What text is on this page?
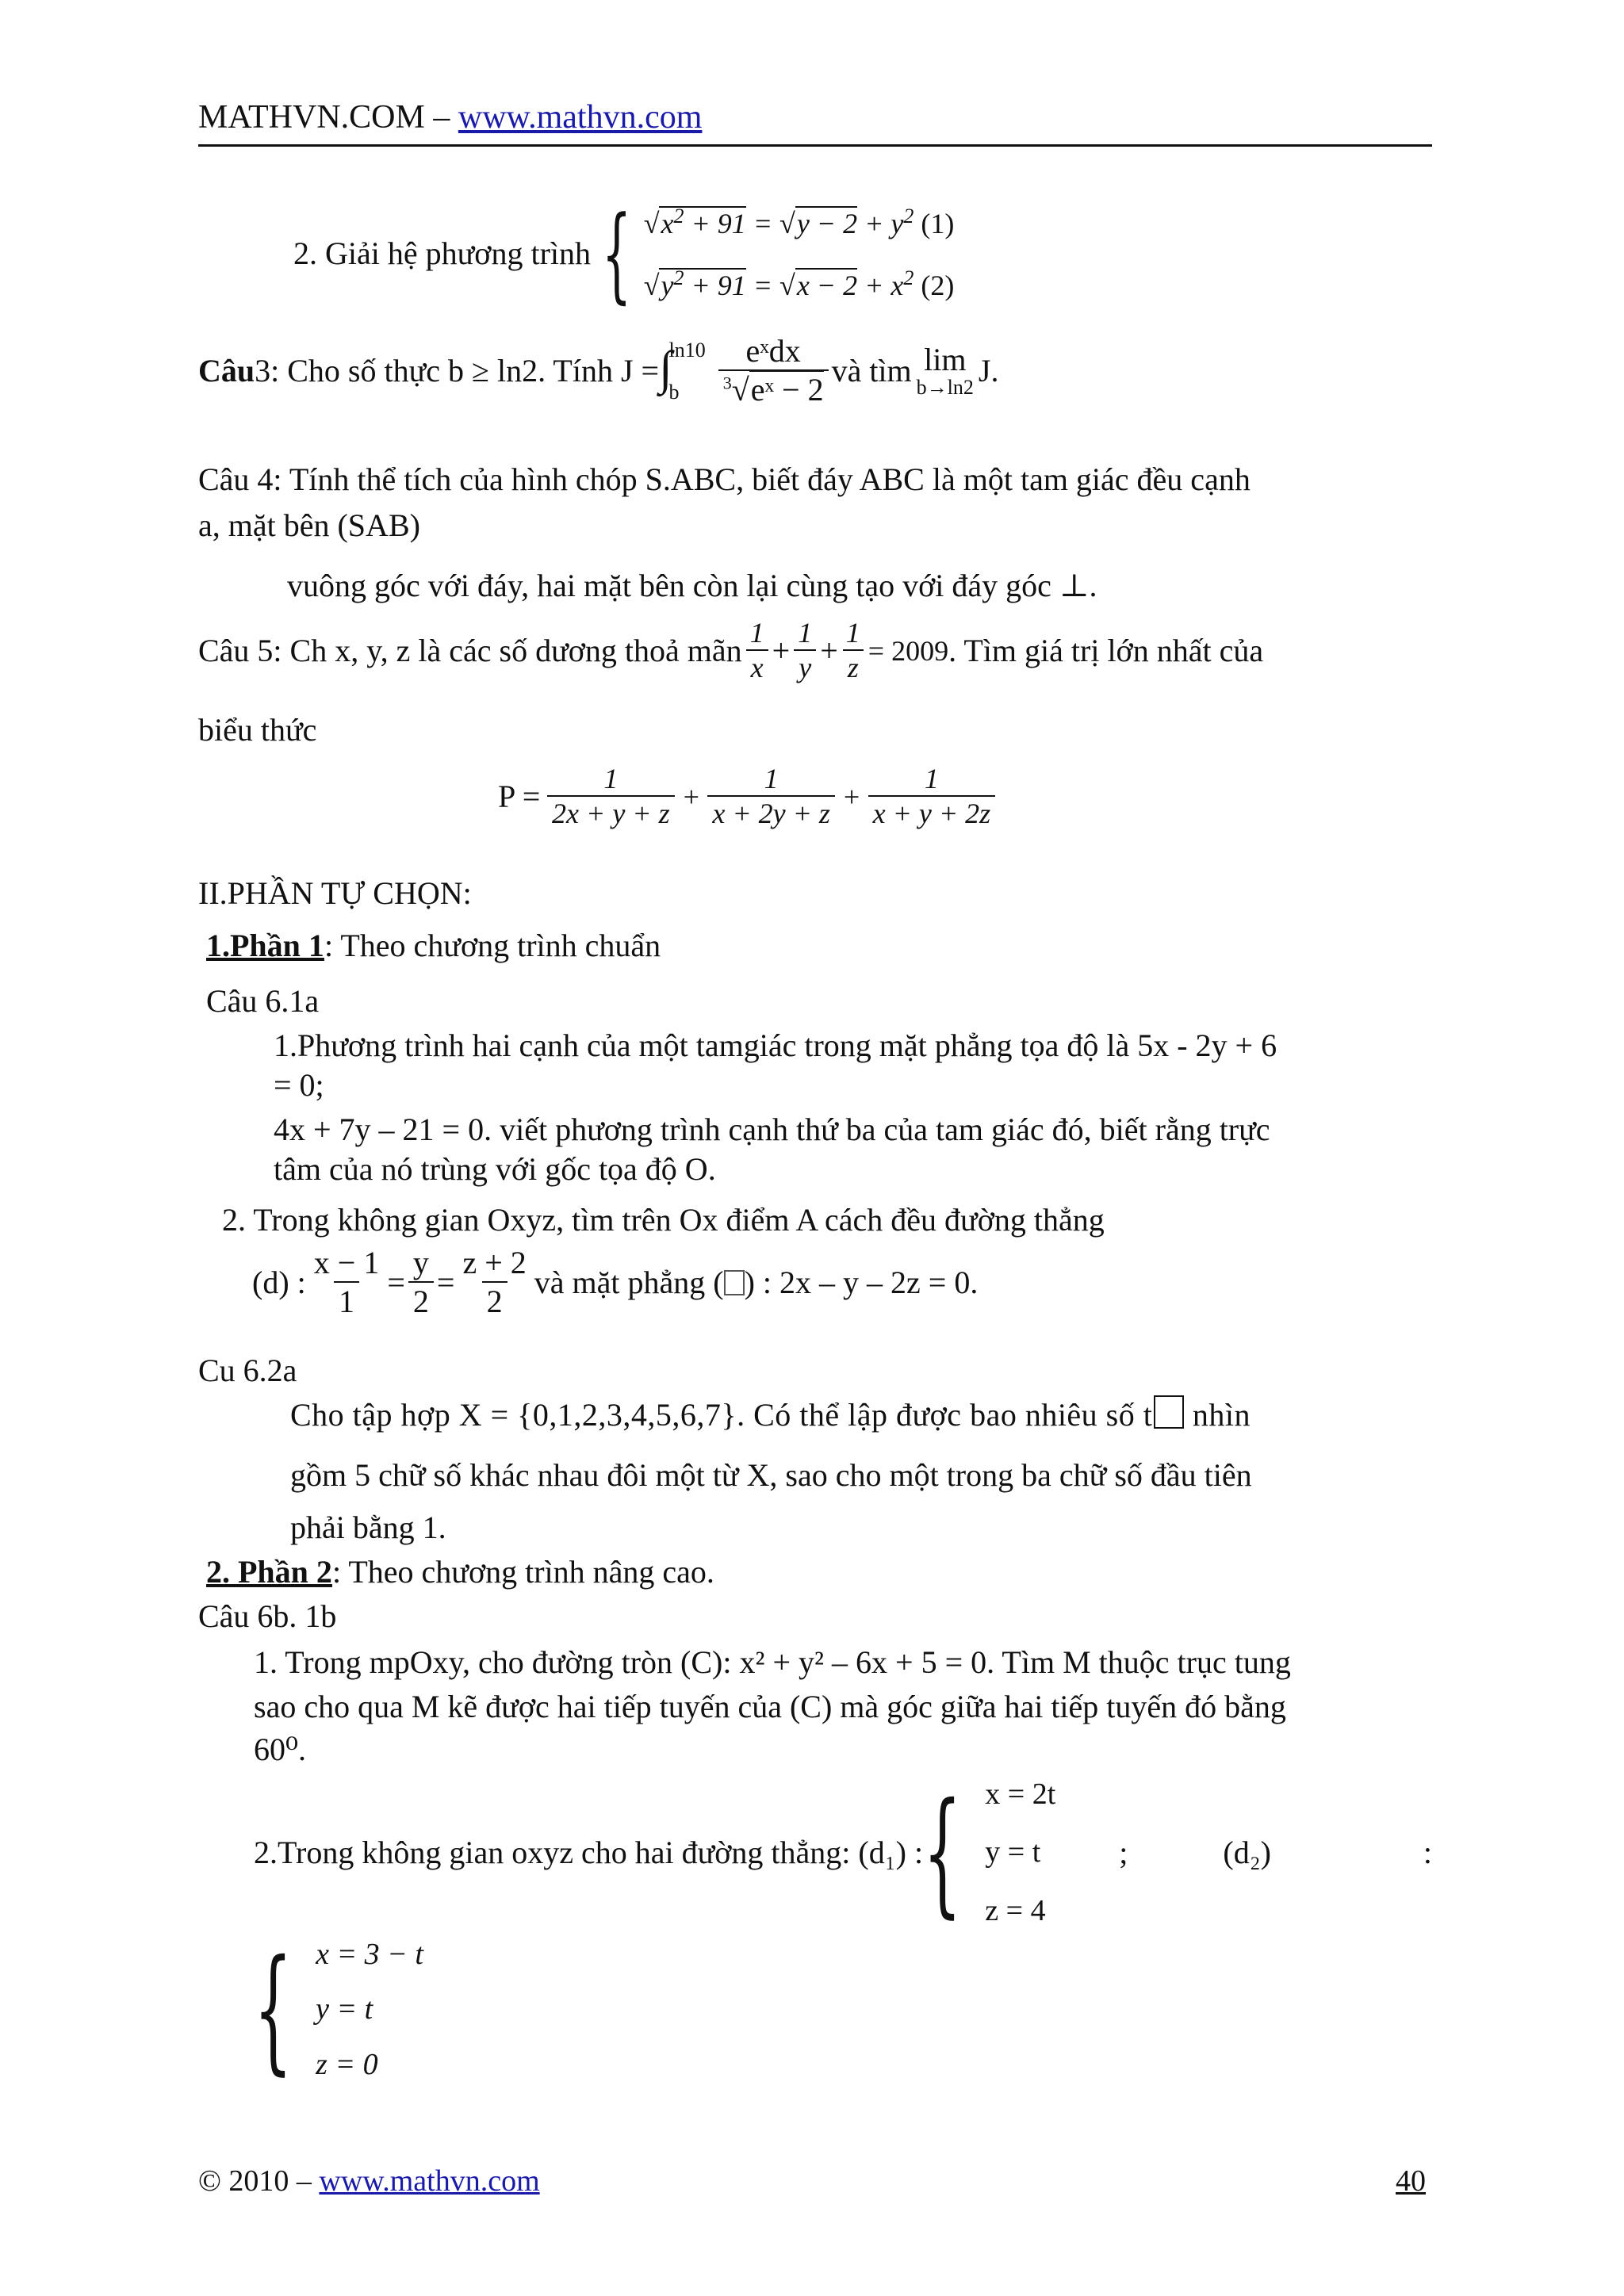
MATHVN.COM – www.mathvn.com
2. Giải hệ phương trình { $√x^2 + 91 = √y - 2 + y^2$ (1)
$√y^2 + 91 = √x - 2 + x^2$ (2)
Câu 3: Cho số thực b ≥ ln2. Tính J = ∫
ln10
b	$\frac{\text{eˣdx}}{^3√eˣ - 2}$ và tìm lim
b→ln2 J.
Câu 4: Tính thể tích của hình chóp S.ABC, biết đáy ABC là một tam giác đều cạnh
a, mặt bên (SAB)
vuông góc với đáy, hai mặt bên còn lại cùng tạo với đáy góc ⊥.
Câu 5: Ch x, y, z là các số dương thoả mãn $\frac{1}{x} + \frac{1}{y} + \frac{1}{z} = 2009$ . Tìm giá trị lớn nhất của
biểu thức
$P = \frac{1}{2x + y + z} + \frac{1}{x + 2y + z} + \frac{1}{x + y + 2z}$
II.PHẦN TỰ CHỌN:
1.Phần 1: Theo chương trình chuẩn
Câu 6.1a
1.Phương trình hai cạnh của một tamgiác trong mặt phẳng tọa độ là 5x - 2y + 6
= 0;
4x + 7y – 21 = 0. viết phương trình cạnh thứ ba của tam giác đó, biết rằng trực
tâm của nó trùng với gốc tọa độ O.
2. Trong không gian Oxyz, tìm trên Ox điểm A cách đều đường thẳng
(d) : $\frac{x - 1}{1} = \frac{y}{2} = \frac{z + 2}{2}$ và mặt phẳng ( ) : 2x – y – 2z = 0.
Cu 6.2a
Cho tập hợp X = {0,1,2,3,4,5,6,7}. Có thể lập được bao nhiêu số t nhìn
gồm 5 chữ số khác nhau đôi một từ X, sao cho một trong ba chữ số đầu tiên
phải bằng 1.
2. Phần 2: Theo chương trình nâng cao.
Câu 6b. 1b
1. Trong mpOxy, cho đường tròn (C): x² + y² – 6x + 5 = 0. Tìm M thuộc trục tung
sao cho qua M kẽ được hai tiếp tuyến của (C) mà góc giữa hai tiếp tuyến đó bằng
60⁰.
2.Trong không gian oxyz cho hai đường thẳng: (d₁) : { x = 2t
y = t
z = 4
;	(d₂)	:
{ x = 3 − t
y = t
z = 0
© 2010 – www.mathvn.com	40
